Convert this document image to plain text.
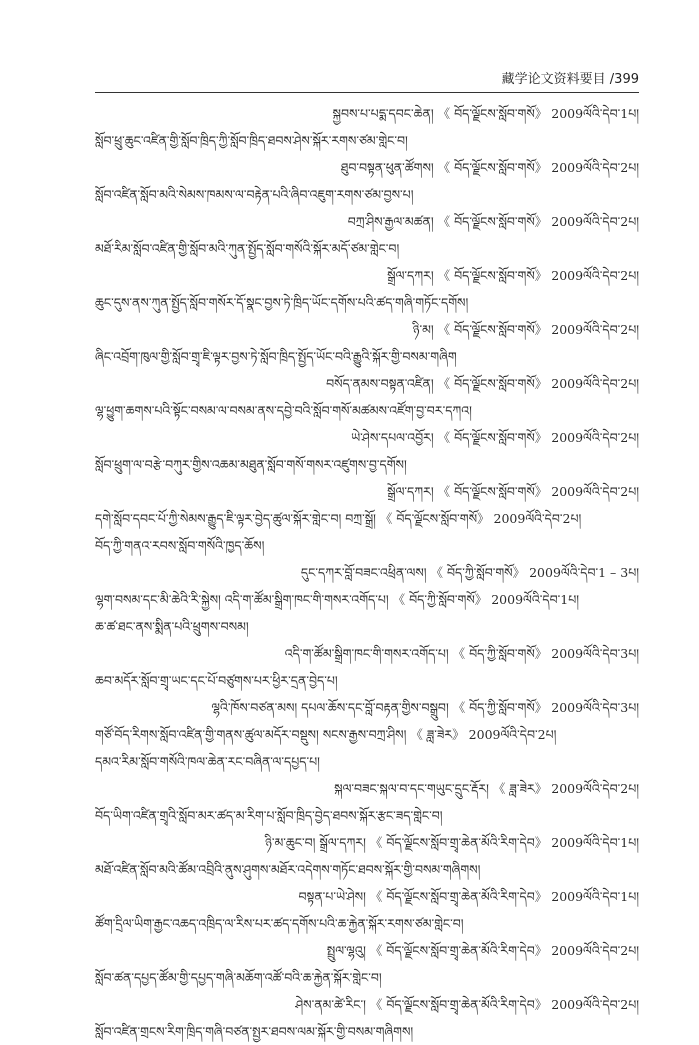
藏学论文资料要目 /399
སྐྱབས་པ་པདྨ་དབང་ཆེན། 《 བོད་ལྗོངས་སློབ་གསོ》 2009ལོའི་དེབ་1པ།
སློབ་ཕྲུ་ཆུང་འཛིན་གྱི་སློབ་ཁྲིད་ཀྱི་སློབ་ཁྲིད་ཐབས་ཤེས་སྐོར་རགས་ཙམ་གླེང་བ།
ཐུབ་བསྟན་ཕུན་ཚོགས། 《 བོད་ལྗོངས་སློབ་གསོ》 2009ལོའི་དེབ་2པ།
སློབ་འཛིན་སློབ་མའི་སེམས་ཁམས་ལ་བརྟེན་པའི་ཞིབ་འཇུག་རགས་ཙམ་བྱས་པ།
བཀྲ་ཤིས་རྒྱལ་མཚན། 《 བོད་ལྗོངས་སློབ་གསོ》 2009ལོའི་དེབ་2པ།
མཐོ་རིམ་སློབ་འཛིན་གྱི་སློབ་མའི་ཀུན་སྤྱོད་སློབ་གསོའི་སྐོར་མདོ་ཙམ་གླེང་བ།
སྒྲོལ་དཀར། 《 བོད་ལྗོངས་སློབ་གསོ》 2009ལོའི་དེབ་2པ།
ཆུང་དུས་ནས་ཀུན་སྤྱོད་སློབ་གསོར་དོ་སྣང་བྱས་ཏེ་ཁྲིད་ཡོང་དགོས་པའི་ཚད་གཞི་གཏོང་དགོས།
ཉི་མ། 《 བོད་ལྗོངས་སློབ་གསོ》 2009ལོའི་དེབ་2པ།
ཞིང་འབྲོག་ཁུལ་གྱི་སློབ་གྲྭ་ཇི་ལྟར་བྱས་ཏེ་སློབ་ཁྲིད་སྤྱོད་ཡོང་བའི་རྒྱུའི་སྐོར་གྱི་བསམ་གཞིག
བསོད་ནམས་བསྟན་འཛིན། 《 བོད་ལྗོངས་སློབ་གསོ》 2009ལོའི་དེབ་2པ།
ལྷ་ཕྱུག་ཆགས་པའི་སྟོང་བསམ་ལ་བསམ་ནས་དབྱེ་བའི་སློབ་གསོ་མཚམས་འཛོག་བྱ་བར་དཀའ།
ཡེ་ཤེས་དཔལ་འབྱོར། 《 བོད་ལྗོངས་སློབ་གསོ》 2009ལོའི་དེབ་2པ།
སློབ་ཕྲུག་ལ་བརྩེ་བཀུར་གྱིས་འཆམ་མཐུན་སློབ་གསོ་གསར་འཛུགས་བྱ་དགོས།
སྒྲོལ་དཀར། 《 བོད་ལྗོངས་སློབ་གསོ》 2009ལོའི་དེབ་2པ།
དགེ་སློབ་དབང་པོ་ཀྱི་སེམས་རྒྱུད་ཇི་ལྟར་བྱེད་ཚུལ་སྐོར་གླེང་བ། བཀྲ་སྒྲོ། 《 བོད་ལྗོངས་སློབ་གསོ》 2009ལོའི་དེབ་2པ།
བོད་ཀྱི་གནའ་རབས་སློབ་གསོའི་ཁྱད་ཆོས།
དུང་དཀར་བློ་བཟང་འཕྲིན་ལས། 《 བོད་ཀྱི་སློབ་གསོ》 2009ལོའི་དེབ་1 – 3པ།
ལྷག་བསམ་དང་མི་ཆེའི་རི་སྐྱེས། འདི་ག་ཚོམ་སྒྲིག་ཁང་གི་གསར་འགོད་པ། 《 བོད་ཀྱི་སློབ་གསོ》 2009ལོའི་དེབ་1པ།
ཆ་ཚ་ཐང་ནས་སྨིན་པའི་ཕྲུགས་བསམ།
འདི་ག་ཚོམ་སྒྲིག་ཁང་གི་གསར་འགོད་པ། 《 བོད་ཀྱི་སློབ་གསོ》 2009ལོའི་དེབ་3པ།
ཆབ་མདོར་སློབ་གྲྭ་ཡང་དང་པོ་བཙུགས་པར་ཕྱིར་དྲན་བྱེད་པ།
ལྷའི་ཁོས་བཙན་མས། དཔལ་ཆོས་དང་བློ་བརྟན་གྱིས་བསྒྲུབ། 《 བོད་ཀྱི་སློབ་གསོ》 2009ལོའི་དེབ་3པ།
གཙོ་བོད་རིགས་སློབ་འཛིན་གྱི་གནས་ཚུལ་མདོར་བསྡུས། སངས་རྒྱས་བཀྲ་ཤིས། 《 ཟླ་ཟེར》 2009ལོའི་དེབ་2པ།
དམའ་རིམ་སློབ་གསོའི་ཁལ་ཆེན་རང་བཞིན་ལ་དཔྱད་པ།
སྐལ་བཟང་སྐལ་བ་དང་གཡུང་དྲུང་རྡོར། 《 ཟླ་ཟེར》 2009ལོའི་དེབ་2པ།
བོད་ཡིག་འཛིན་གྲྭའི་སློབ་མར་ཚད་མ་རིག་པ་སློབ་ཁྲིད་བྱེད་ཐབས་སྐོར་རྩང་ཟད་གླེང་བ།
ཉི་མ་ཆུང་བ། སྒྲོལ་དཀར། 《 བོད་ལྗོངས་སློབ་གྲྭ་ཆེན་མོའི་རིག་དེབ》 2009ལོའི་དེབ་1པ།
མཐོ་འཛིན་སློབ་མའི་ཚོམ་འབྲིའི་ནུས་ཤུགས་མཐོར་འདེགས་གཏོང་ཐབས་སྐོར་གྱི་བསམ་གཞིགས།
བསྟན་པ་ཡེ་ཤེས། 《 བོད་ལྗོངས་སློབ་གྲྭ་ཆེན་མོའི་རིག་དེབ》 2009ལོའི་དེབ་1པ།
ཚོག་དྲིལ་ཡིག་རྒྱང་འཆད་འཁྲིད་ལ་རིས་པར་ཚད་དགོས་པའི་ཆ་རྐྱེན་སྐོར་རགས་ཙམ་གླེང་བ།
སྤྲུལ་ལྷའུ། 《 བོད་ལྗོངས་སློབ་གྲྭ་ཆེན་མོའི་རིག་དེབ》 2009ལོའི་དེབ་2པ།
སློབ་ཚན་དཔྱད་ཚོམ་གྱི་དཔྱད་གཞི་མཆོག་འཚོ་བའི་ཆ་རྐྱེན་སྐོར་གླེང་བ།
ཤེས་ནམ་ཚེ་རིང་། 《 བོད་ལྗོངས་སློབ་གྲྭ་ཆེན་མོའི་རིག་དེབ》 2009ལོའི་དེབ་2པ།
སློབ་འཛིན་གྲངས་རིག་ཁྲིད་གཞི་བཙན་སྤྱར་ཐབས་ལམ་སྐོར་གྱི་བསམ་གཞིགས།
